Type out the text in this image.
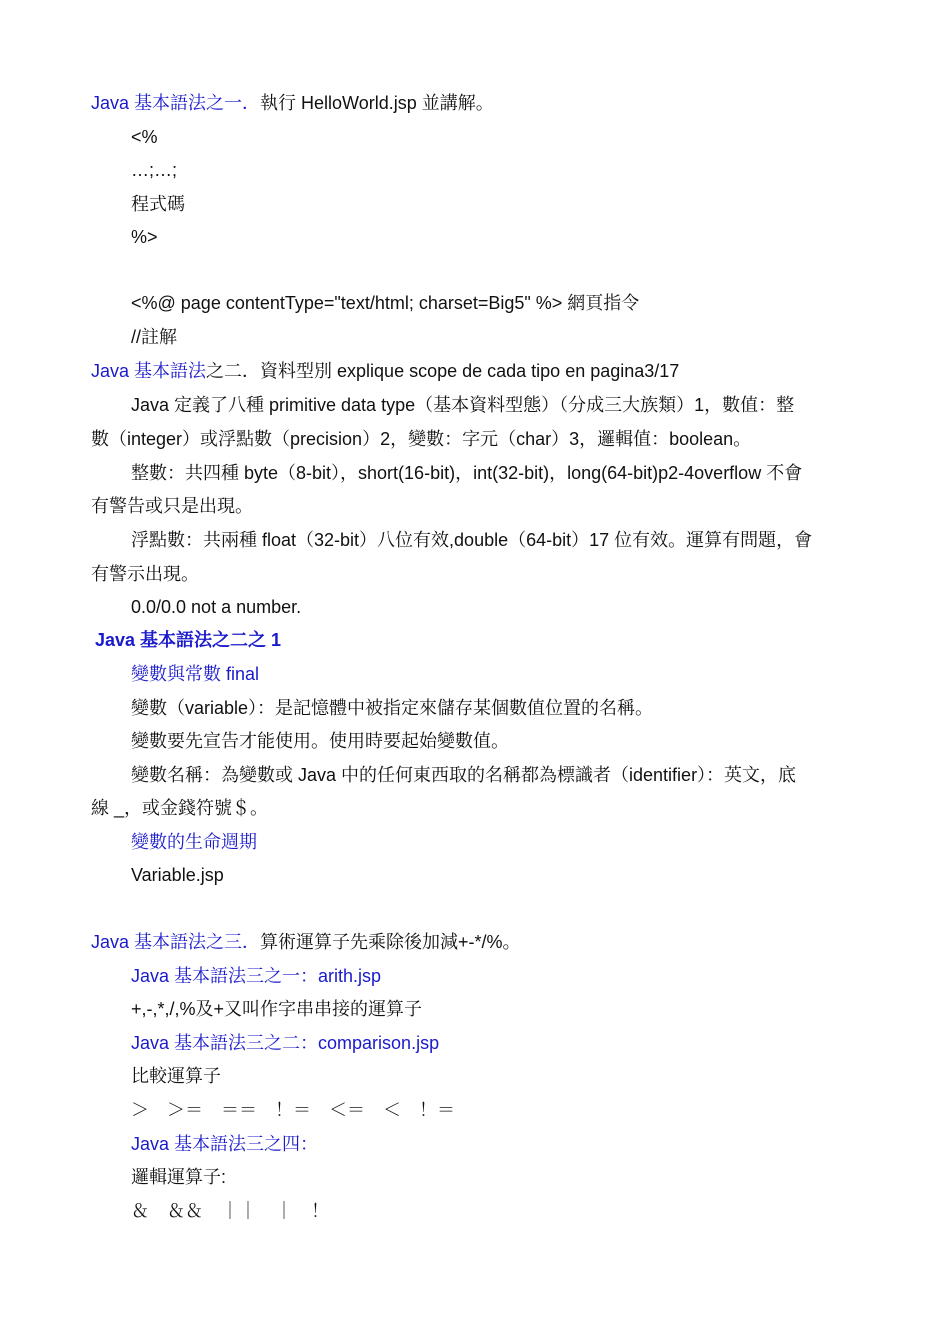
Java 基本語法之一．執行 HelloWorld.jsp 並講解。
<%
…;…;
程式碼
%>
<%@ page contentType="text/html; charset=Big5" %> 網頁指令
//註解
Java 基本語法之二．資料型別 explique scope de cada tipo en pagina3/17
Java 定義了八種 primitive data type（基本資料型態）（分成三大族類）1，數值：整
數（integer）或浮點數（precision）2，變數：字元（char）3，邏輯值：boolean。
整數：共四種 byte（8-bit），short(16-bit)，int(32-bit)，long(64-bit)p2-4overflow 不會
有警告或只是出現。
浮點數：共兩種 float（32-bit）八位有效,double（64-bit）17 位有效。運算有問題，會
有警示出現。
0.0/0.0 not a number.
Java 基本語法之二之 1
變數與常數 final
變數（variable）：是記憶體中被指定來儲存某個數值位置的名稱。
變數要先宣告才能使用。使用時要起始變數值。
變數名稱：為變數或 Java 中的任何東西取的名稱都為標識者（identifier）：英文，底
線 _，或金錢符號＄。
變數的生命週期
Variable.jsp
Java 基本語法之三．算術運算子先乘除後加減+-*/%。
Java 基本語法三之一：arith.jsp
+,-,*,/,%及+又叫作字串串接的運算子
Java 基本語法三之二：comparison.jsp
比較運算子
＞　＞＝　＝＝　！＝　＜＝　＜　！＝
Java 基本語法三之四：
邏輯運算子:
＆　＆＆　｜｜　｜　！
